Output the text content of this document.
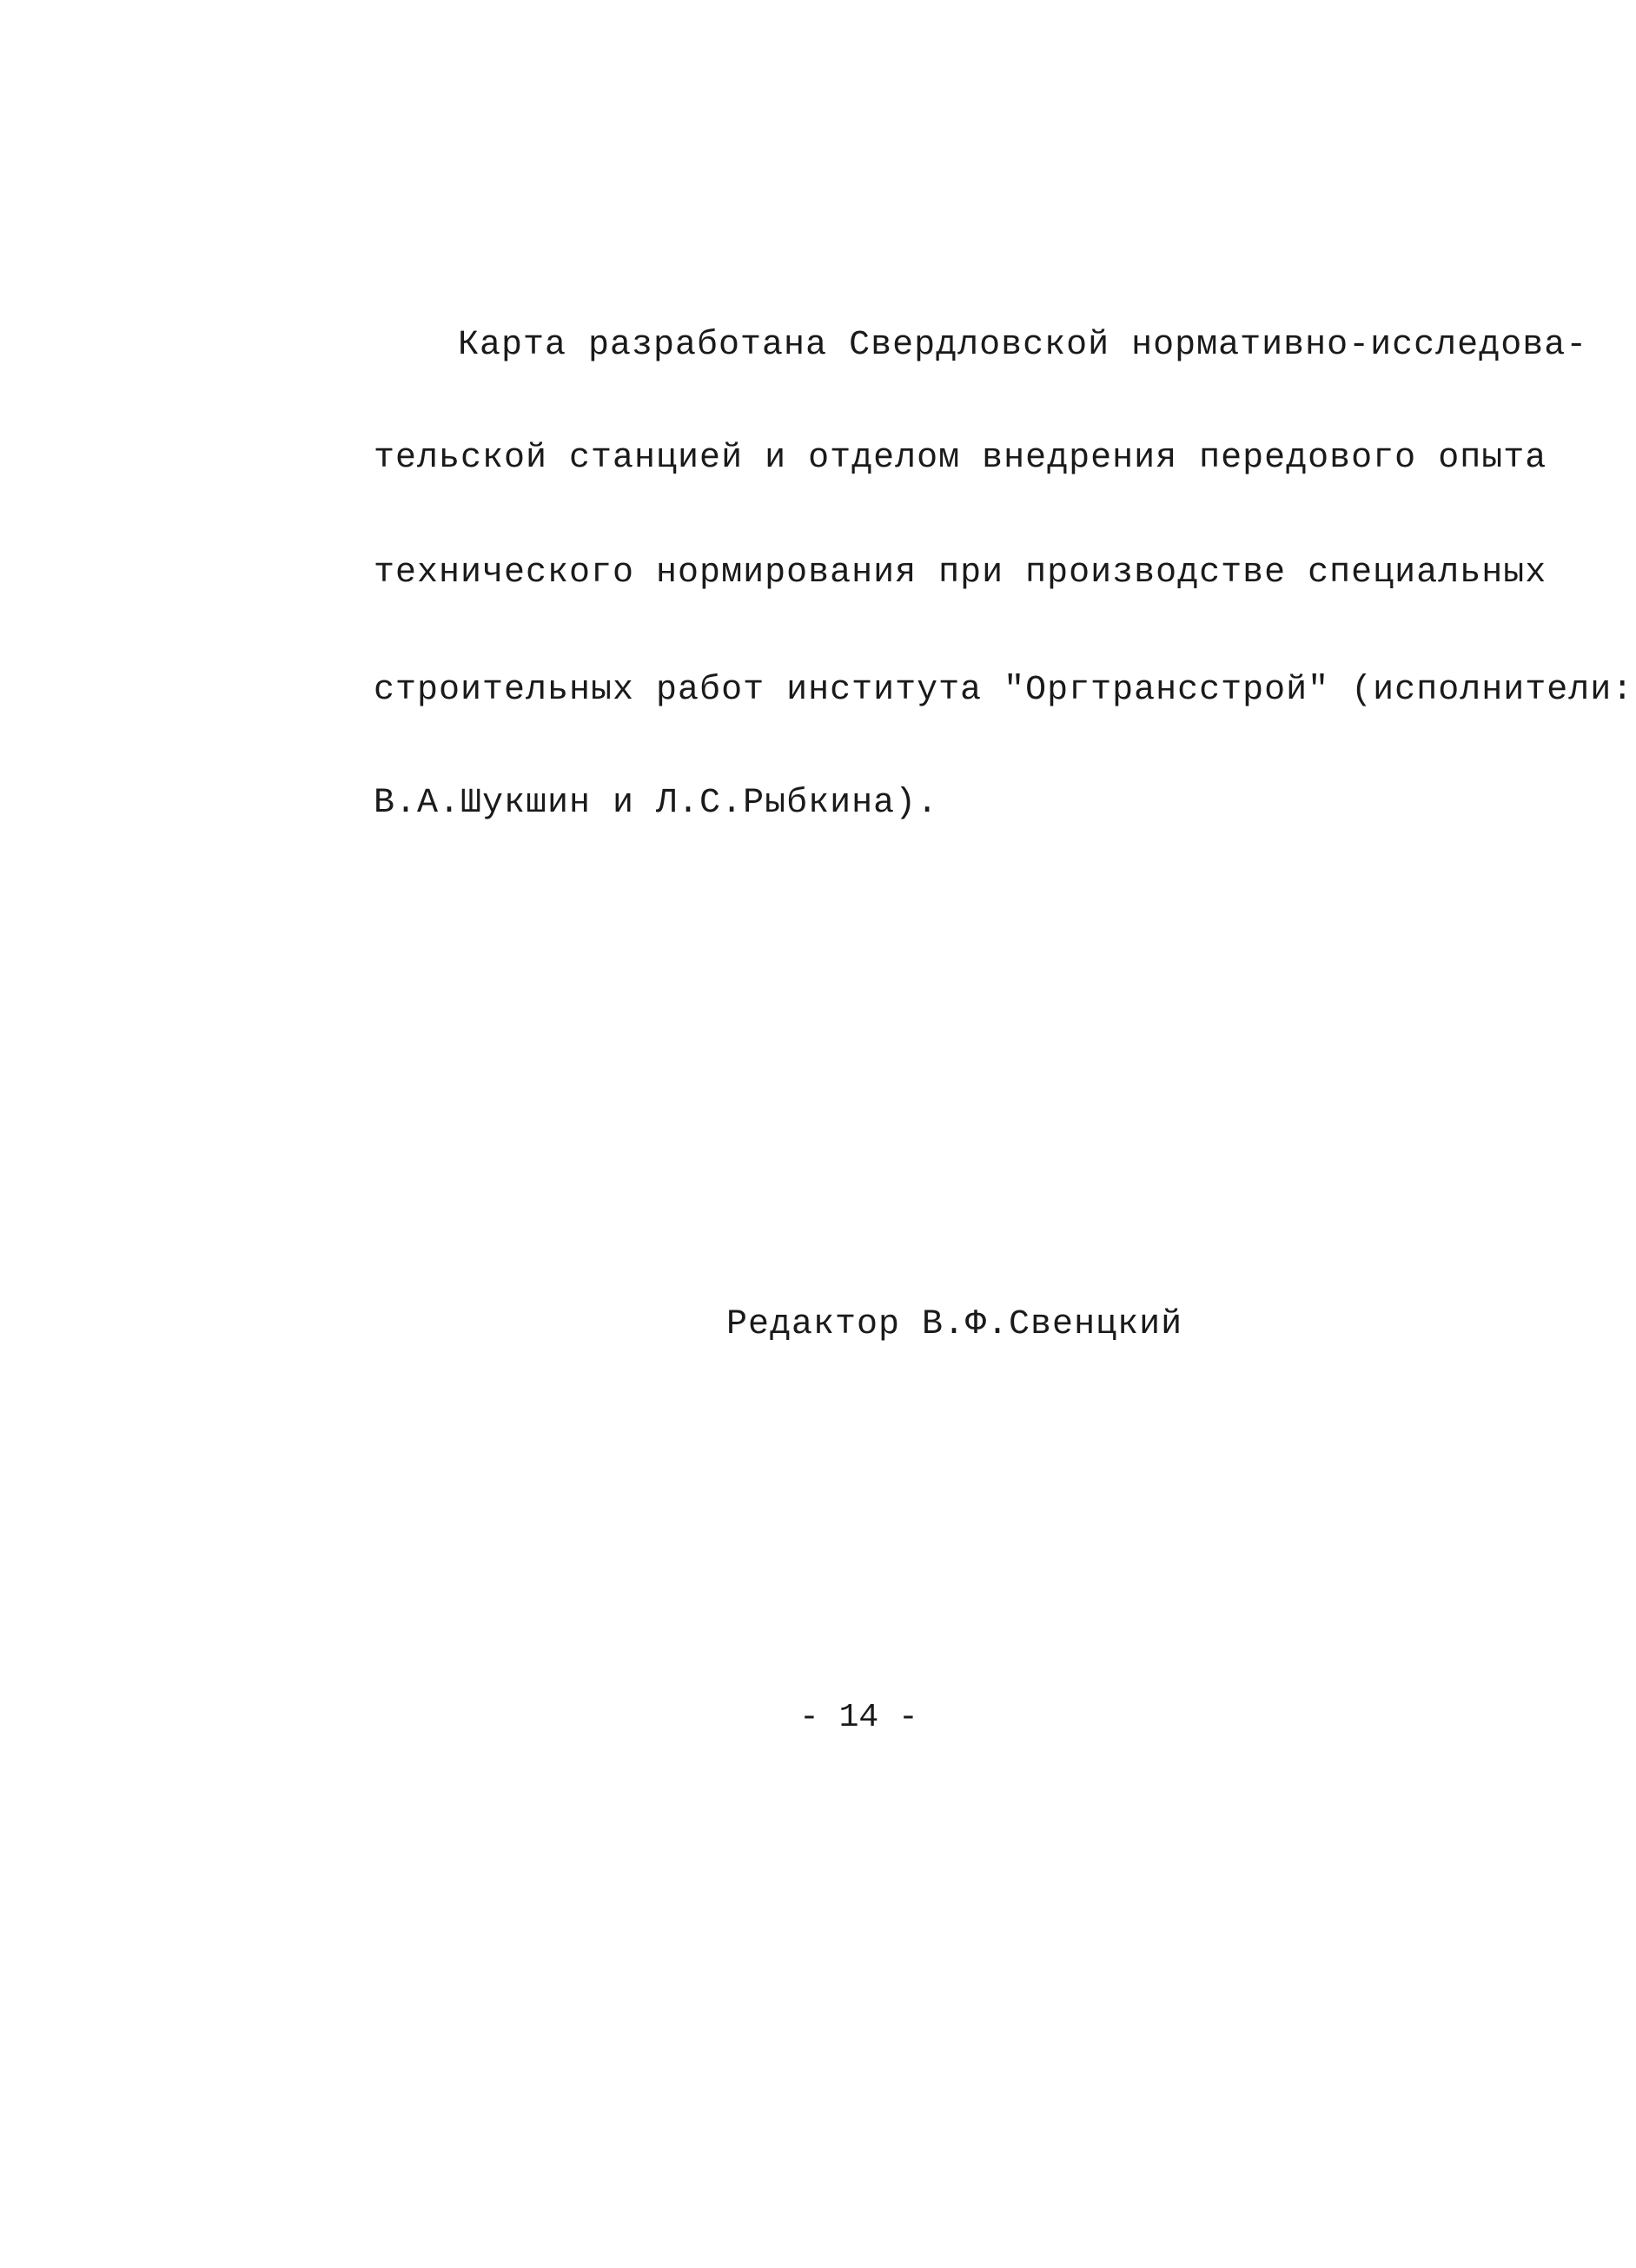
Карта разработана Свердловской нормативно-исследова-
тельской станцией и отделом внедрения передового опыта
технического нормирования при производстве специальных
строительных работ института "Оргтрансстрой" (исполнители:
В.А.Шукшин и Л.С.Рыбкина).
Редактор В.Ф.Свенцкий
- 14 -
